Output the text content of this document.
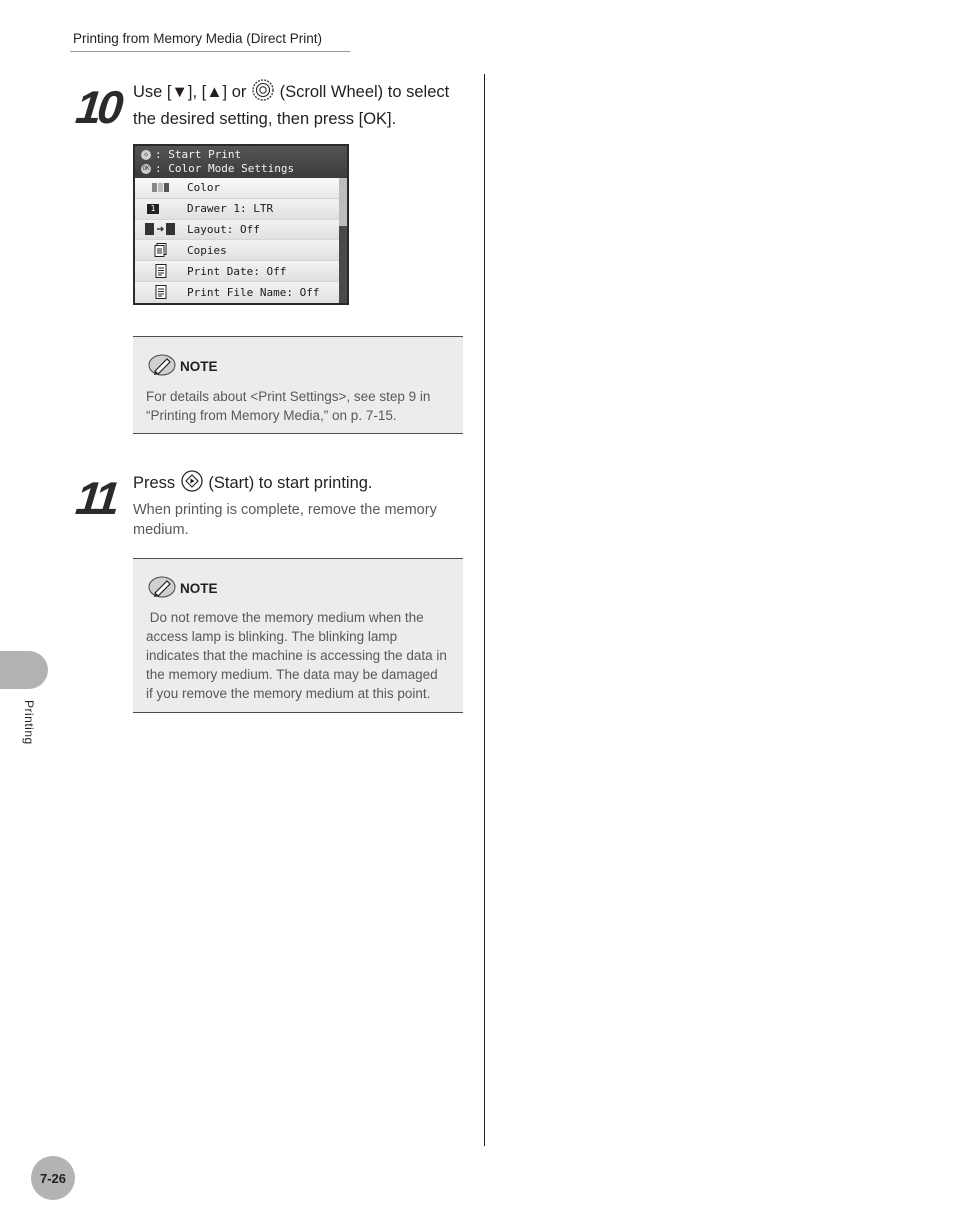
Printing from Memory Media (Direct Print)
10 Use [▼], [▲] or (Scroll Wheel) to select
the desired setting, then press [OK].
◇ : Start Print
OK : Color Mode Settings
Color
1	Drawer 1: LTR
Layout: Off
Copies
Print Date: Off
Print File Name: Off
NOTE
For details about <Print Settings>, see step 9 in
“Printing from Memory Media,” on p. 7-15.
11 Press (Start) to start printing.
When printing is complete, remove the memory
medium.
NOTE
Do not remove the memory medium when the
access lamp is blinking. The blinking lamp
indicates that the machine is accessing the data in
the memory medium. The data may be damaged
if you remove the memory medium at this point.
Printing
7-26
